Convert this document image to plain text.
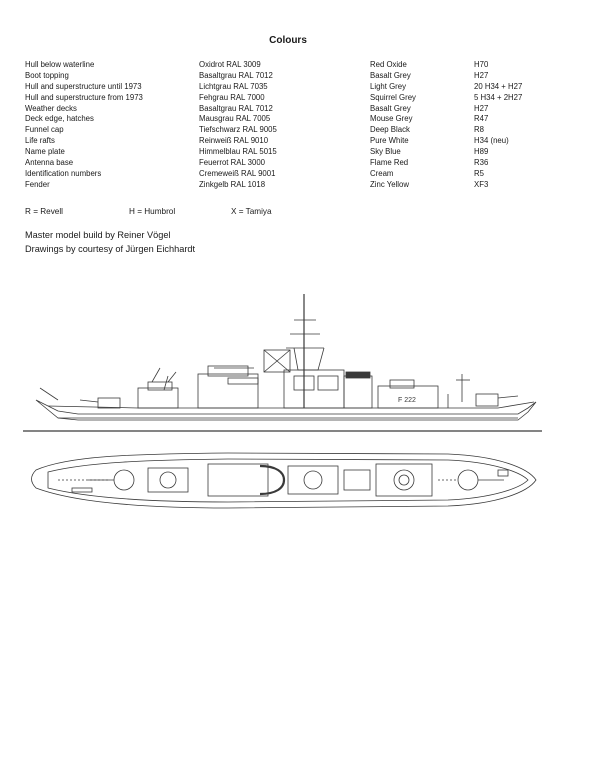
Colours
Hull below waterline	Oxidrot RAL 3009	Red Oxide	H70
Boot topping	Basaltgrau RAL 7012	Basalt Grey	H27
Hull and superstructure until 1973	Lichtgrau RAL 7035	Light Grey	20 H34 + H27
Hull and superstructure from 1973	Fehgrau RAL 7000	Squirrel Grey	5 H34 + 2H27
Weather decks	Basaltgrau RAL 7012	Basalt Grey	H27
Deck edge, hatches	Mausgrau RAL 7005	Mouse Grey	R47
Funnel cap	Tiefschwarz RAL 9005	Deep Black	R8
Life rafts	Reinweiß RAL 9010	Pure White	H34 (neu)
Name plate	Himmelblau RAL 5015	Sky Blue	H89
Antenna base	Feuerrot RAL 3000	Flame Red	R36
Identification numbers	Cremeweiß RAL 9001	Cream	R5
Fender	Zinkgelb RAL 1018	Zinc Yellow	XF3
R = Revell	H = Humbrol	X = Tamiya
Master model build by Reiner Vögel
Drawings by courtesy of Jürgen Eichhardt
F 222
